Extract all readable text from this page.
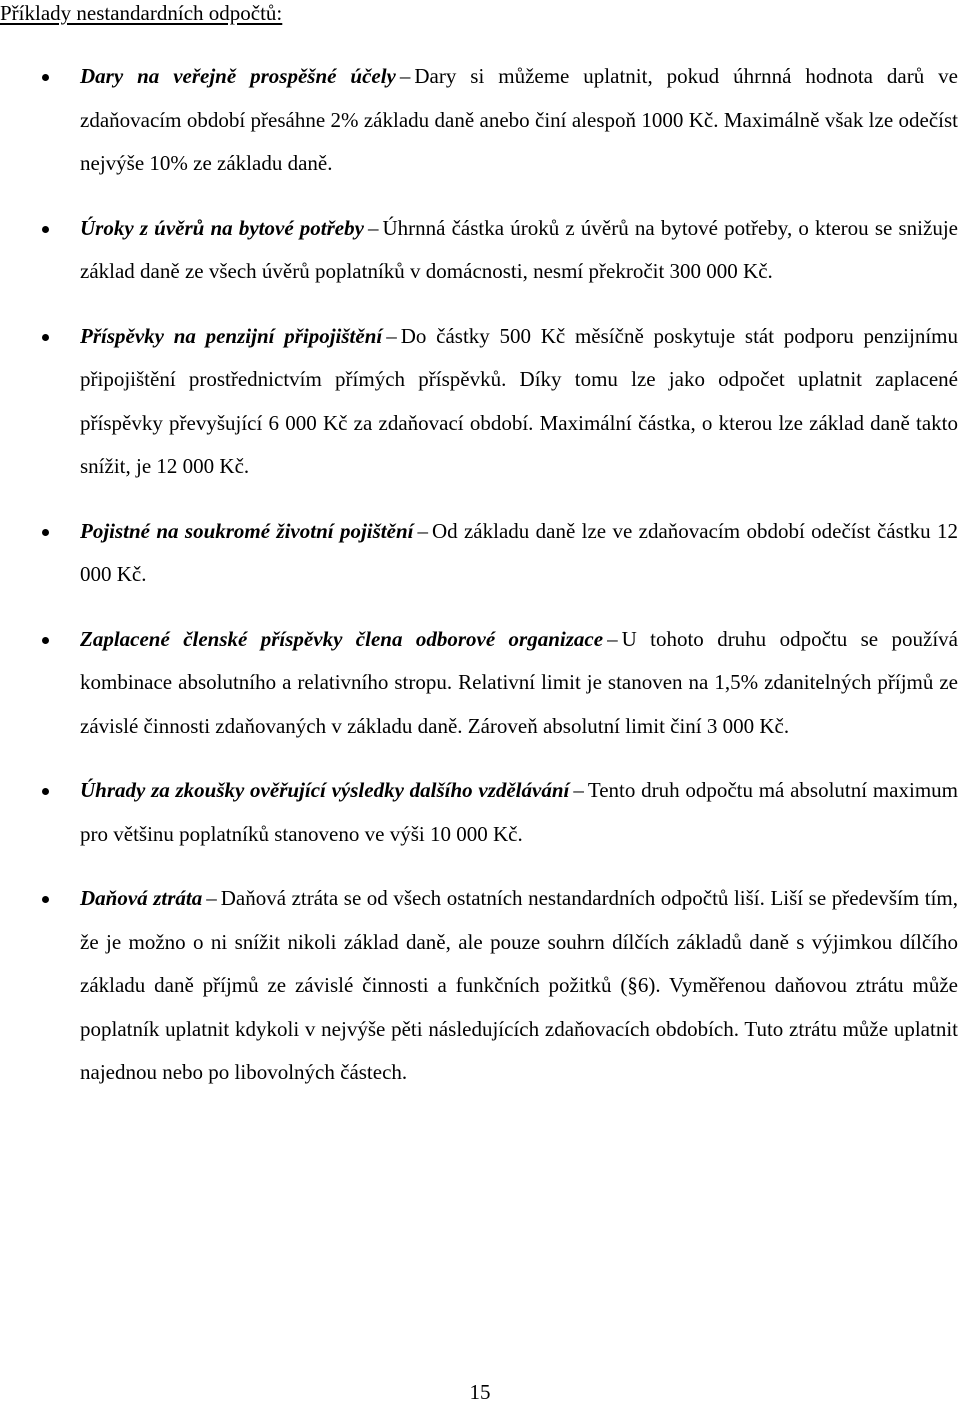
Příklady nestandardních odpočtů:
Dary na veřejně prospěšné účely – Dary si můžeme uplatnit, pokud úhrnná hodnota darů ve zdaňovacím období přesáhne 2% základu daně anebo činí alespoň 1000 Kč. Maximálně však lze odečíst nejvýše 10% ze základu daně.
Úroky z úvěrů na bytové potřeby – Úhrnná částka úroků z úvěrů na bytové potřeby, o kterou se snižuje základ daně ze všech úvěrů poplatníků v domácnosti, nesmí překročit 300 000 Kč.
Příspěvky na penzijní připojištění – Do částky 500 Kč měsíčně poskytuje stát podporu penzijnímu připojištění prostřednictvím přímých příspěvků. Díky tomu lze jako odpočet uplatnit zaplacené příspěvky převyšující 6 000 Kč za zdaňovací období. Maximální částka, o kterou lze základ daně takto snížit, je 12 000 Kč.
Pojistné na soukromé životní pojištění – Od základu daně lze ve zdaňovacím období odečíst částku 12 000 Kč.
Zaplacené členské příspěvky člena odborové organizace – U tohoto druhu odpočtu se používá kombinace absolutního a relativního stropu. Relativní limit je stanoven na 1,5% zdanitelných příjmů ze závislé činnosti zdaňovaných v základu daně. Zároveň absolutní limit činí 3 000 Kč.
Úhrady za zkoušky ověřující výsledky dalšího vzdělávání – Tento druh odpočtu má absolutní maximum pro většinu poplatníků stanoveno ve výši 10 000 Kč.
Daňová ztráta – Daňová ztráta se od všech ostatních nestandardních odpočtů liší. Liší se především tím, že je možno o ni snížit nikoli základ daně, ale pouze souhrn dílčích základů daně s výjimkou dílčího základu daně příjmů ze závislé činnosti a funkčních požitků (§6). Vyměřenou daňovou ztrátu může poplatník uplatnit kdykoli v nejvýše pěti následujících zdaňovacích obdobích. Tuto ztrátu může uplatnit najednou nebo po libovolných částech.
15
